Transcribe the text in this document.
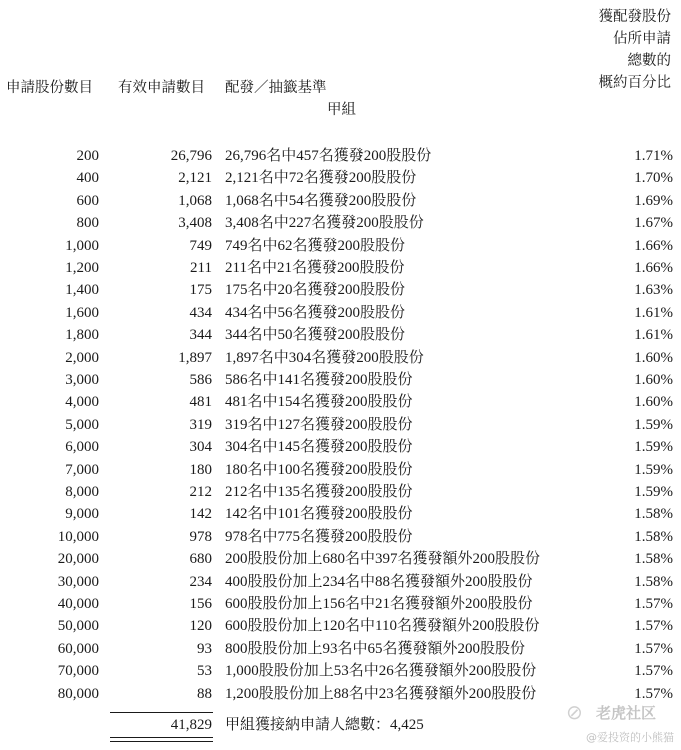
申請股份數目 有效申請數目 配發／抽籤基準
甲組
獲配發股份
佔所申請
總數的
概約百分比
200	26,796 26,796名中457名獲發200股股份	1.71%
400	2,121 2,121名中72名獲發200股股份	1.70%
600	1,068 1,068名中54名獲發200股股份	1.69%
800	3,408 3,408名中227名獲發200股股份	1.67%
1,000	749 749名中62名獲發200股股份	1.66%
1,200	211 211名中21名獲發200股股份	1.66%
1,400	175 175名中20名獲發200股股份	1.63%
1,600	434 434名中56名獲發200股股份	1.61%
1,800	344 344名中50名獲發200股股份	1.61%
2,000	1,897 1,897名中304名獲發200股股份	1.60%
3,000	586 586名中141名獲發200股股份	1.60%
4,000	481 481名中154名獲發200股股份	1.60%
5,000	319 319名中127名獲發200股股份	1.59%
6,000	304 304名中145名獲發200股股份	1.59%
7,000	180 180名中100名獲發200股股份	1.59%
8,000	212 212名中135名獲發200股股份	1.59%
9,000	142 142名中101名獲發200股股份	1.58%
10,000	978 978名中775名獲發200股股份	1.58%
20,000	680 200股股份加上680名中397名獲發額外200股股份	1.58%
30,000	234 400股股份加上234名中88名獲發額外200股股份	1.58%
40,000	156 600股股份加上156名中21名獲發額外200股股份	1.57%
50,000	120 600股股份加上120名中110名獲發額外200股股份	1.57%
60,000	93 800股股份加上93名中65名獲發額外200股股份	1.57%
70,000	53 1,000股股份加上53名中26名獲發額外200股股份	1.57%
80,000	88 1,200股股份加上88名中23名獲發額外200股股份	1.57%
41,829 甲組獲接納申請人總數：4,425
⊘ 老虎社区
@爱投资的小熊猫
